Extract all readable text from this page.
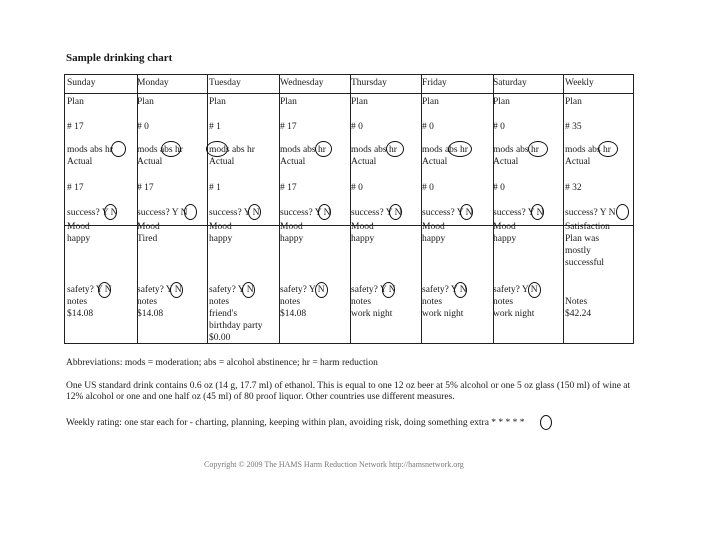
Sample drinking chart
Sunday
Plan
# 17
mods abs hr
Actual
# 17
success? Y N
Mood
happy
safety? Y N
notes
$14.08
Monday
Plan
# 0
mods abs hr
Actual
# 17
success? Y N
Mood
Tired
safety? Y N
notes
$14.08
Tuesday
Plan
# 1
mods abs hr
Actual
# 1
success? Y N
Mood
happy
safety? Y N
notes
friend's
birthday party
$0.00
Wednesday
Plan
# 17
mods abs hr
Actual
# 17
success? Y N
Mood
happy
safety? Y N
notes
$14.08
Thursday
Plan
# 0
mods abs hr
Actual
# 0
success? Y N
Mood
happy
safety? Y N
notes
work night
Friday
Plan
# 0
mods abs hr
Actual
# 0
success? Y N
Mood
happy
safety? Y N
notes
work night
Saturday
Plan
# 0
mods abs hr
Actual
# 0
success? Y N
Mood
happy
safety? Y N
notes
work night
Weekly
Plan
# 35
mods abs hr
Actual
# 32
success? Y N
Satisfaction
Plan was
mostly
successful
Notes
$42.24
Abbreviations: mods = moderation; abs = alcohol abstinence; hr = harm reduction
One US standard drink contains 0.6 oz (14 g, 17.7 ml) of ethanol. This is equal to one 12 oz beer at 5% alcohol or one 5 oz glass (150 ml) of wine at 12% alcohol or one and one half oz (45 ml) of 80 proof liquor. Other countries use different measures.
Weekly rating: one star each for - charting, planning, keeping within plan, avoiding risk, doing something extra * * * * *
Copyright © 2009 The HAMS Harm Reduction Network http://hamsnetwork.org
